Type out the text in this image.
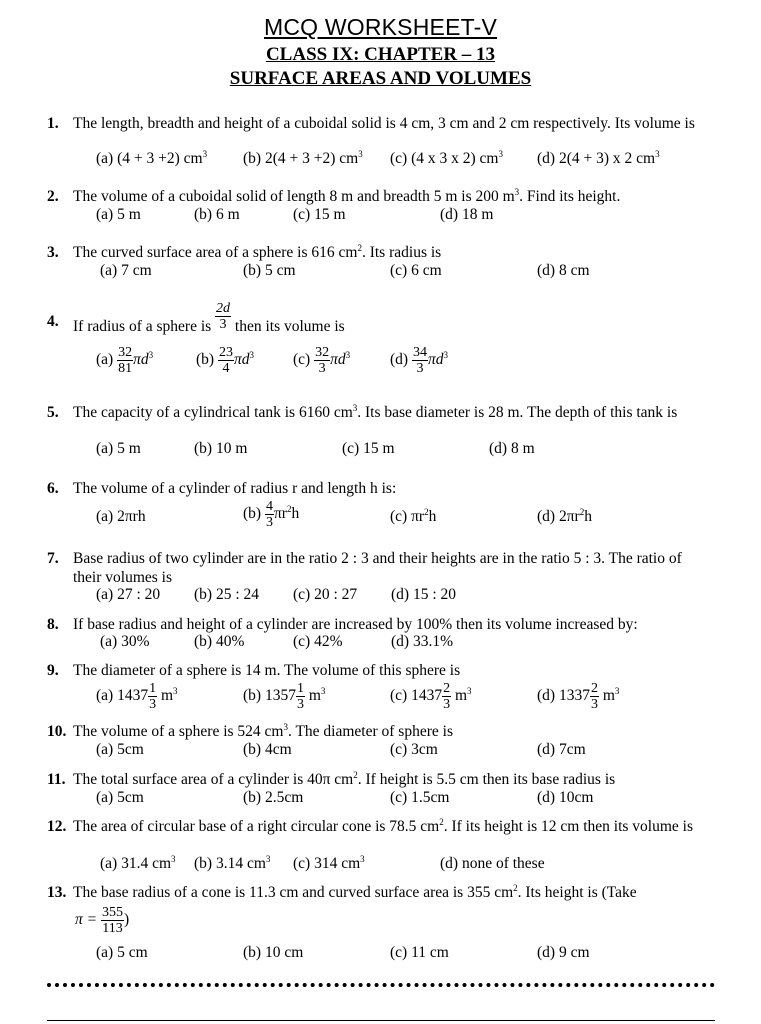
MCQ WORKSHEET-V
CLASS IX: CHAPTER – 13
SURFACE AREAS AND VOLUMES
1. The length, breadth and height of a cuboidal solid is 4 cm, 3 cm and 2 cm respectively. Its volume is
(a) (4 + 3 +2) $cm^3$ (b) 2(4 + 3 +2) $cm^3$ (c) (4 x 3 x 2) $cm^3$ (d) 2(4 + 3) x 2 $cm^3$
2. The volume of a cuboidal solid of length 8 m and breadth 5 m is 200 $m^3$. Find its height.
(a) 5 m	(b) 6 m	(c) 15 m	(d) 18 m
3. The curved surface area of a sphere is 616 $cm^2$. Its radius is
(a) 7 cm	(b) 5 cm	(c) 6 cm	(d) 8 cm
4. If radius of a sphere is $\frac{2d}{3}$ then its volume is
$(a) \frac{32}{81} \pi d^3$	$(b) \frac{23}{4} \pi d^3$	$(c) \frac{32}{3} \pi d^3$	$(d) \frac{34}{3} \pi d^3$
5. The capacity of a cylindrical tank is 6160 $cm^3$. Its base diameter is 28 m. The depth of this tank is
(a) 5 m	(b) 10 m	(c) 15 m	(d) 8 m
6. The volume of a cylinder of radius r and length h is:
(a) 2πrh	$(b) \frac{4}{3} \pi r^2h$	(c) $\pi r^2h$	(d) $2\pi r^2h$
7. Base radius of two cylinder are in the ratio 2 : 3 and their heights are in the ratio 5 : 3. The ratio of their volumes is
(a) 27 : 20 (b) 25 : 24 (c) 20 : 27 (d) 15 : 20
8. If base radius and height of a cylinder are increased by 100% then its volume increased by:
(a) 30%	(b) 40%	(c) 42%	(d) 33.1%
9. The diameter of a sphere is 14 m. The volume of this sphere is
(a) $1437 \frac{1}{3} m^3$	(b) $1357 \frac{1}{3} m^3$	(c) $1437 \frac{2}{3} m^3$	(d) $1337 \frac{2}{3} m^3$
10. The volume of a sphere is 524 $cm^3$. The diameter of sphere is
(a) 5cm	(b) 4cm	(c) 3cm	(d) 7cm
11. The total surface area of a cylinder is 40π $cm^2$. If height is 5.5 cm then its base radius is
(a) 5cm	(b) 2.5cm	(c) 1.5cm	(d) 10cm
12. The area of circular base of a right circular cone is 78.5 $cm^2$. If its height is 12 cm then its volume is
(a) 31.4 $cm^3$ (b) 3.14 $cm^3$ (c) 314 $cm^3$	(d) none of these
13. The base radius of a cone is 11.3 cm and curved surface area is 355 $cm^2$. Its height is (Take
$\pi = \frac{355}{113}$ )
(a) 5 cm	(b) 10 cm	(c) 11 cm	(d) 9 cm
